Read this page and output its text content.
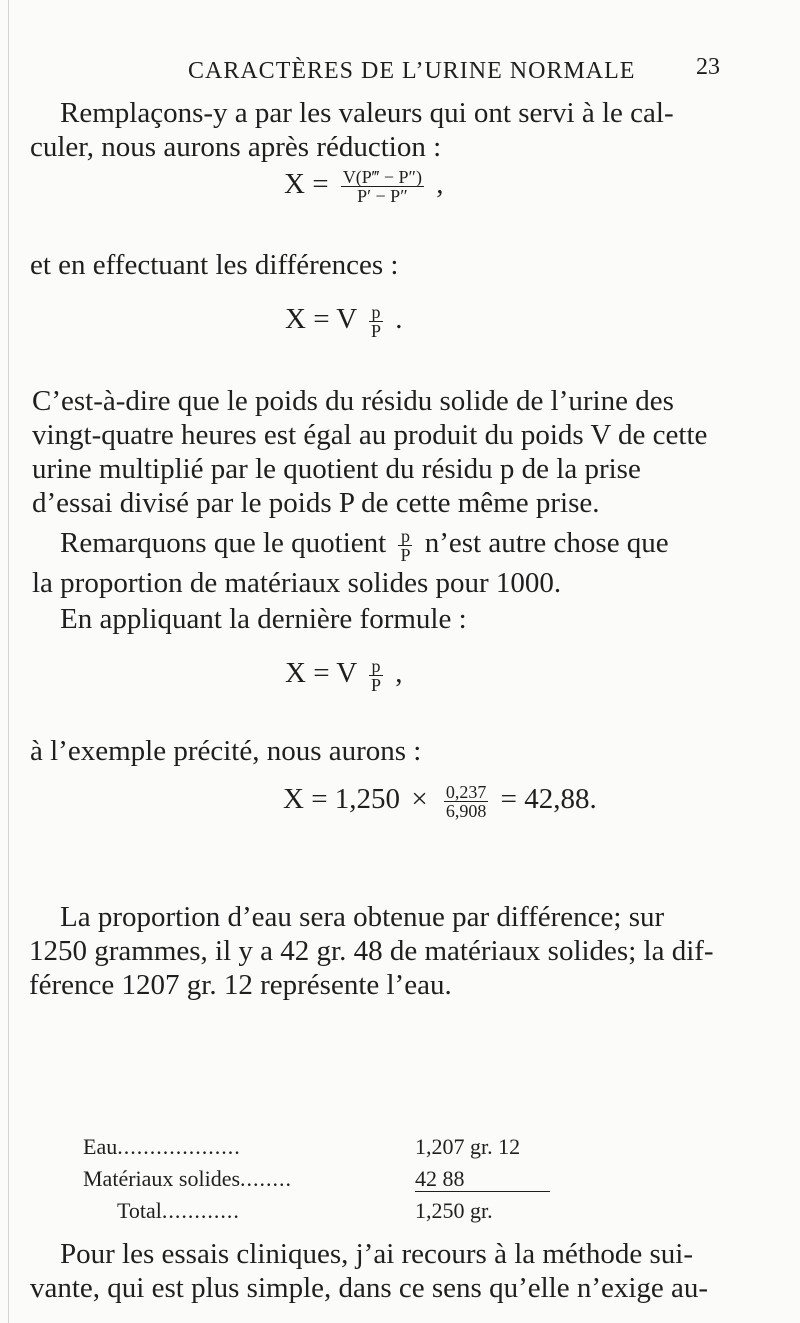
CARACTÈRES DE L’URINE NORMALE	23
Remplaçons-y a par les valeurs qui ont servi à le cal-
culer, nous aurons après réduction :
$X = \frac{V(P‴ - P'')}{P' - P''}$ ,
et en effectuant les différences :
X = V $\frac{p}{P}$ .
C’est-à-dire que le poids du résidu solide de l’urine des
vingt-quatre heures est égal au produit du poids V de cette
urine multiplié par le quotient du résidu p de la prise
d’essai divisé par le poids P de cette même prise.
Remarquons que le quotient $\frac{p}{P}$ n’est autre chose que
la proportion de matériaux solides pour 1000.
En appliquant la dernière formule :
X = V $\frac{p}{P}$ ,
à l’exemple précité, nous aurons :
$X = 1,250 \times \frac{0,237}{6,908} = 42,88$.
La proportion d’eau sera obtenue par différence; sur
1250 grammes, il y a 42 gr. 48 de matériaux solides; la dif-
férence 1207 gr. 12 représente l’eau.
Eau...................	1,207 gr. 12
Matériaux solides........	42 88
Total............	1,250 gr.
Pour les essais cliniques, j’ai recours à la méthode sui-
vante, qui est plus simple, dans ce sens qu’elle n’exige au-
